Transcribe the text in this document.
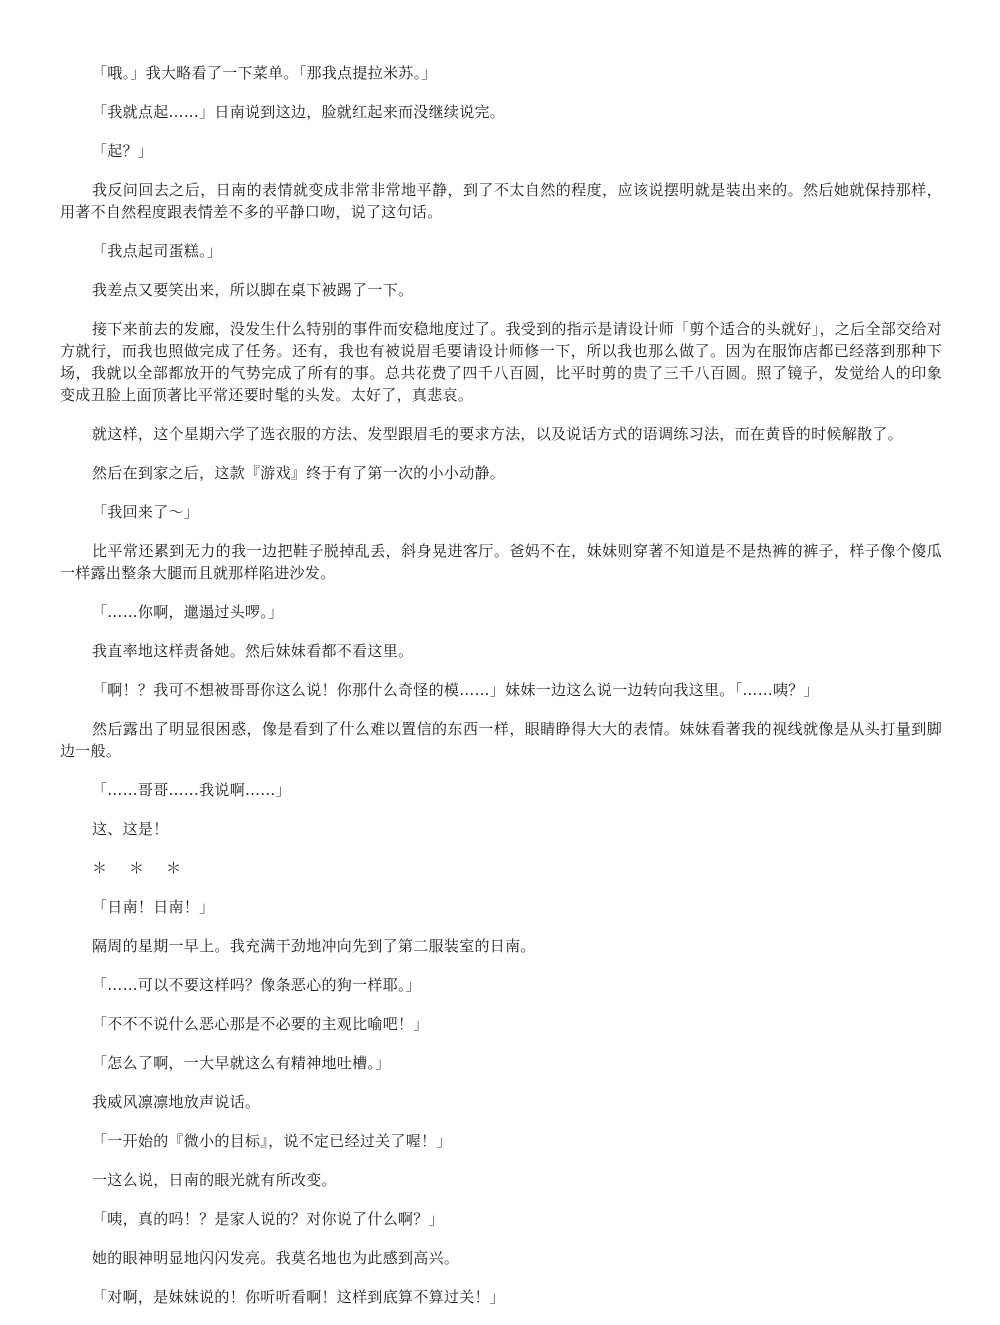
「哦。」我大略看了一下菜单。「那我点提拉米苏。」

「我就点起……」日南说到这边，脸就红起来而没继续说完。

「起？」

我反问回去之后，日南的表情就变成非常非常地平静，到了不太自然的程度，应该说摆明就是装出来的。然后她就保持那样，用著不自然程度跟表情差不多的平静口吻，说了这句话。

「我点起司蛋糕。」

我差点又要笑出来，所以脚在桌下被踢了一下。

接下来前去的发廊，没发生什么特别的事件而安稳地度过了。我受到的指示是请设计师「剪个适合的头就好」，之后全部交给对方就行，而我也照做完成了任务。还有，我也有被说眉毛要请设计师修一下，所以我也那么做了。因为在服饰店都已经落到那种下场，我就以全部都放开的气势完成了所有的事。总共花费了四千八百圆，比平时剪的贵了三千八百圆。照了镜子，发觉给人的印象变成丑脸上面顶著比平常还要时髦的头发。太好了，真悲哀。

就这样，这个星期六学了选衣服的方法、发型跟眉毛的要求方法，以及说话方式的语调练习法，而在黄昏的时候解散了。

然后在到家之后，这款『游戏』终于有了第一次的小小动静。

「我回来了～」

比平常还累到无力的我一边把鞋子脱掉乱丢，斜身晃进客厅。爸妈不在，妹妹则穿著不知道是不是热裤的裤子，样子像个傻瓜一样露出整条大腿而且就那样陷进沙发。

「……你啊，邋遢过头啰。」

我直率地这样责备她。然后妹妹看都不看这里。

「啊！？我可不想被哥哥你这么说！你那什么奇怪的模……」妹妹一边这么说一边转向我这里。「……咦？」

然后露出了明显很困惑，像是看到了什么难以置信的东西一样，眼睛睁得大大的表情。妹妹看著我的视线就像是从头打量到脚边一般。

「……哥哥……我说啊……」

这、这是！

＊＊＊

「日南！日南！」

隔周的星期一早上。我充满干劲地冲向先到了第二服装室的日南。

「……可以不要这样吗？像条恶心的狗一样耶。」

「不不不说什么恶心那是不必要的主观比喻吧！」

「怎么了啊，一大早就这么有精神地吐槽。」

我威风凛凛地放声说话。

「一开始的『微小的目标』，说不定已经过关了喔！」

一这么说，日南的眼光就有所改变。

「咦，真的吗！？是家人说的？对你说了什么啊？」

她的眼神明显地闪闪发亮。我莫名地也为此感到高兴。

「对啊，是妹妹说的！你听听看啊！这样到底算不算过关！」
